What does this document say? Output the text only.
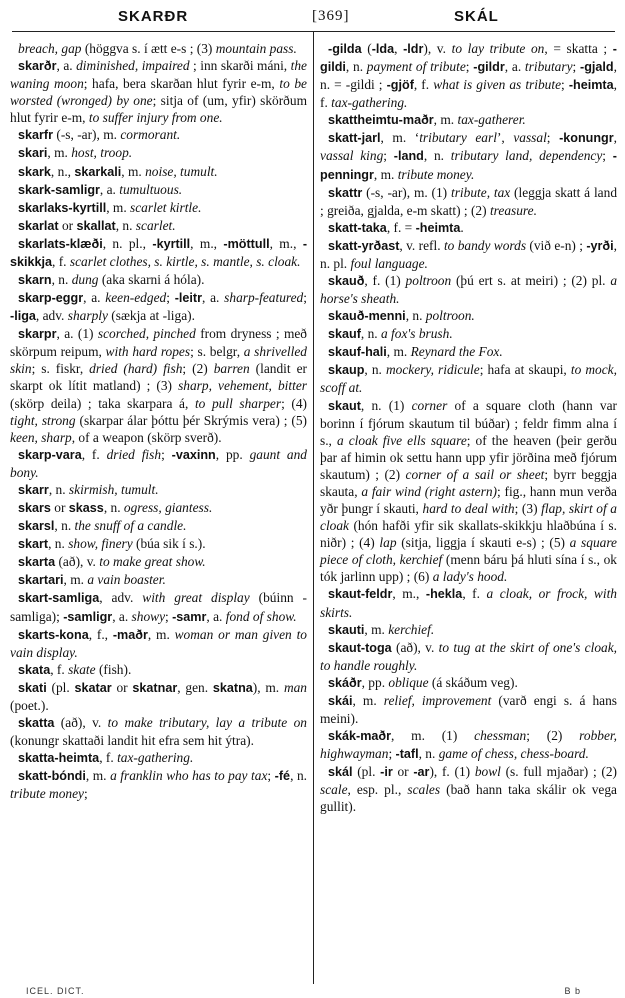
SKARÐR	[369]	SKÁL

breach, gap (höggva s. í ætt e-s ; (3) mountain pass.

skarðr, a. diminished, impaired ; inn skarði máni, the waning moon; hafa, bera skarðan hlut fyrir e-m, to be worsted (wronged) by one; sitja of (um, yfir) skörðum hlut fyrir e-m, to suffer injury from one.

skarfr (-s, -ar), m. cormorant.

skari, m. host, troop.

skark, n., skarkali, m. noise, tumult.

skark-samligr, a. tumultuous.

skarlaks-kyrtill, m. scarlet kirtle.

skarlat or skallat, n. scarlet.

skarlats-klæði, n. pl., -kyrtill, m., -möttull, m., -skikkja, f. scarlet clothes, s. kirtle, s. mantle, s. cloak.

skarn, n. dung (aka skarni á hóla).

skarp-eggr, a. keen-edged; -leitr, a. sharp-featured; -liga, adv. sharply (sækja at -liga).

skarpr, a. (1) scorched, pinched from dryness ; með skörpum reipum, with hard ropes; s. belgr, a shrivelled skin; s. fiskr, dried (hard) fish; (2) barren (landit er skarpt ok lítit matland) ; (3) sharp, vehement, bitter (skörp deila) ; taka skarpara á, to pull sharper; (4) tight, strong (skarpar álar þóttu þér Skrýmis vera) ; (5) keen, sharp, of a weapon (skörp sverð).

skarp-vara, f. dried fish; -vaxinn, pp. gaunt and bony.

skarr, n. skirmish, tumult.

skars or skass, n. ogress, giantess.

skarsl, n. the snuff of a candle.

skart, n. show, finery (búa sik í s.).

skarta (að), v. to make great show.

skartari, m. a vain boaster.

skart-samliga, adv. with great display (búinn -samliga); -samligr, a. showy; -samr, a. fond of show.

skarts-kona, f., -maðr, m. woman or man given to vain display.

skata, f. skate (fish).

skati (pl. skatar or skatnar, gen. skatna), m. man (poet.).

skatta (að), v. to make tributary, lay a tribute on (konungr skattaði landit hit efra sem hit ýtra).

skatta-heimta, f. tax-gathering.

skatt-bóndi, m. a franklin who has to pay tax; -fé, n. tribute money;

-gilda (-lda, -ldr), v. to lay tribute on, = skatta ; -gildi, n. payment of tribute; -gildr, a. tributary; -gjald, n. = -gildi ; -gjöf, f. what is given as tribute; -heimta, f. tax-gathering.

skattheimtu-maðr, m. tax-gatherer.

skatt-jarl, m. ‘tributary earl’, vassal; -konungr, vassal king; -land, n. tributary land, dependency; -penningr, m. tribute money.

skattr (-s, -ar), m. (1) tribute, tax (leggja skatt á land ; greiða, gjalda, e-m skatt) ; (2) treasure.

skatt-taka, f. = -heimta.

skatt-yrðast, v. refl. to bandy words (við e-n) ; -yrði, n. pl. foul language.

skauð, f. (1) poltroon (þú ert s. at meiri) ; (2) pl. a horse's sheath.

skauð-menni, n. poltroon.

skauf, n. a fox's brush.

skauf-hali, m. Reynard the Fox.

skaup, n. mockery, ridicule; hafa at skaupi, to mock, scoff at.

skaut, n. (1) corner of a square cloth (hann var borinn í fjórum skautum til búðar) ; feldr fimm alna í s., a cloak five ells square; of the heaven (þeir gerðu þar af himin ok settu hann upp yfir jörðina með fjórum skautum) ; (2) corner of a sail or sheet; byrr beggja skauta, a fair wind (right astern); fig., hann mun verða yðr þungr í skauti, hard to deal with; (3) flap, skirt of a cloak (hón hafði yfir sik skallats-skikkju hlaðbúna í s. niðr) ; (4) lap (sitja, liggja í skauti e-s) ; (5) a square piece of cloth, kerchief (menn báru þá hluti sína í s., ok tók jarlinn upp) ; (6) a lady's hood.

skaut-feldr, m., -hekla, f. a cloak, or frock, with skirts.

skauti, m. kerchief.

skaut-toga (að), v. to tug at the skirt of one's cloak, to handle roughly.

skáðr, pp. oblique (á skáðum veg).

skái, m. relief, improvement (varð engi s. á hans meini).

skák-maðr, m. (1) chessman; (2) robber, highwayman; -tafl, n. game of chess, chess-board.

skál (pl. -ir or -ar), f. (1) bowl (s. full mjaðar) ; (2) scale, esp. pl., scales (bað hann taka skálir ok vega gullit).

ICEL. DICT.	B b
